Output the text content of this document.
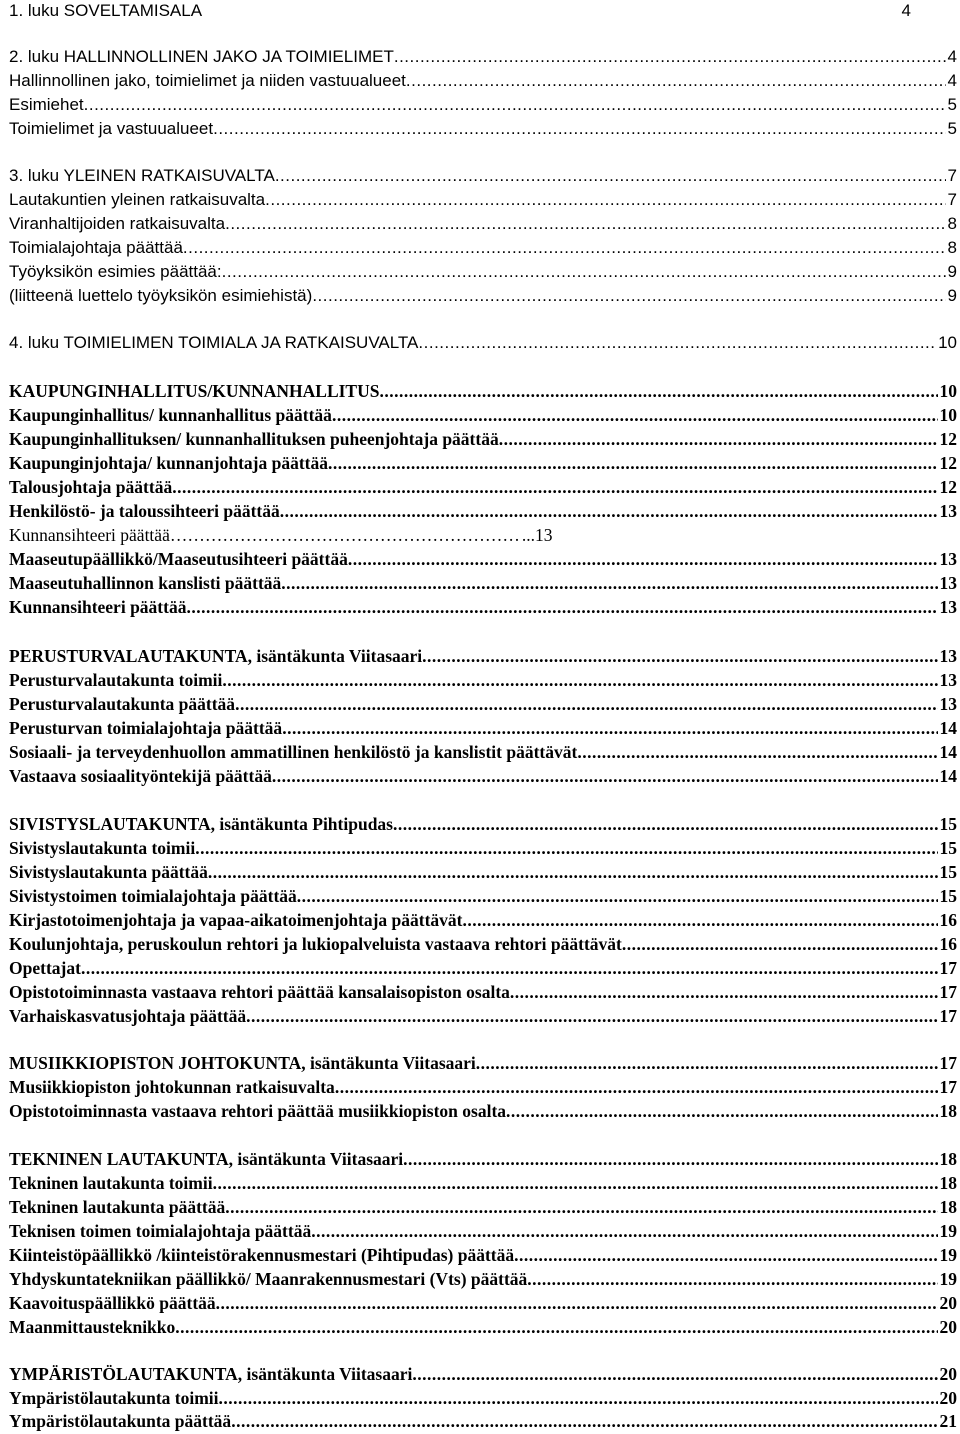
1. luku SOVELTAMISALA	4
2. luku HALLINNOLLINEN JAKO JA TOIMIELIMET .....	4
Hallinnollinen jako, toimielimet ja niiden vastuualueet .....	4
Esimiehet .....	5
Toimielimet ja vastuualueet .....	5
3. luku YLEINEN RATKAISUVALTA .....	7
Lautakuntien yleinen ratkaisuvalta .....	7
Viranhaltijoiden ratkaisuvalta .....	8
Toimialajohtaja päättää .....	8
Työyksikön esimies päättää: .....	9
(liitteenä luettelo työyksikön esimiehistä) .....	9
4. luku TOIMIELIMEN TOIMIALA JA RATKAISUVALTA .....	10
KAUPUNGINHALLITUS/KUNNANHALLITUS .....	10
Kaupunginhallitus/ kunnanhallitus päättää .....	10
Kaupunginhallituksen/ kunnanhallituksen puheenjohtaja päättää .....	12
Kaupunginjohtaja/ kunnanjohtaja päättää .....	12
Talousjohtaja päättää .....	12
Henkilöstö- ja taloussihteeri päättää .....	13
Kunnansihteeri päättää …………………………………………………………………………………………………………	...13
Maaseutupäällikkö/Maaseutusihteeri päättää .....	13
Maaseutuhallinnon kanslisti päättää .....	13
Kunnansihteeri päättää .....	13
PERUSTURVALAUTAKUNTA, isäntäkunta Viitasaari .....	13
Perusturvalautakunta toimii .....	13
Perusturvalautakunta päättää .....	13
Perusturvan toimialajohtaja päättää .....	14
Sosiaali- ja terveydenhuollon ammatillinen henkilöstö ja kanslistit päättävät .....	14
Vastaava sosiaalityöntekijä päättää .....	14
SIVISTYSLAUTAKUNTA, isäntäkunta Pihtipudas .....	15
Sivistyslautakunta toimii .....	15
Sivistyslautakunta päättää .....	15
Sivistystoimen toimialajohtaja päättää .....	15
Kirjastotoimenjohtaja ja vapaa-aikatoimenjohtaja päättävät .....	16
Koulunjohtaja, peruskoulun rehtori ja lukiopalveluista vastaava rehtori päättävät .....	16
Opettajat .....	17
Opistotoiminnasta vastaava rehtori päättää kansalaisopiston osalta .....	17
Varhaiskasvatusjohtaja päättää .....	17
MUSIIKKIOPISTON JOHTOKUNTA, isäntäkunta Viitasaari .....	17
Musiikkiopiston johtokunnan ratkaisuvalta .....	17
Opistotoiminnasta vastaava rehtori päättää musiikkiopiston osalta .....	18
TEKNINEN LAUTAKUNTA, isäntäkunta Viitasaari .....	18
Tekninen lautakunta toimii .....	18
Tekninen lautakunta päättää .....	18
Teknisen toimen toimialajohtaja päättää .....	19
Kiinteistöpäällikkö /kiinteistörakennusmestari (Pihtipudas) päättää .....	19
Yhdyskuntatekniikan päällikkö/ Maanrakennusmestari (Vts) päättää .....	19
Kaavoituspäällikkö päättää .....	20
Maanmittausteknikko .....	20
YMPÄRISTÖLAUTAKUNTA, isäntäkunta Viitasaari .....	20
Ympäristölautakunta toimii .....	20
Ympäristölautakunta päättää .....	21
